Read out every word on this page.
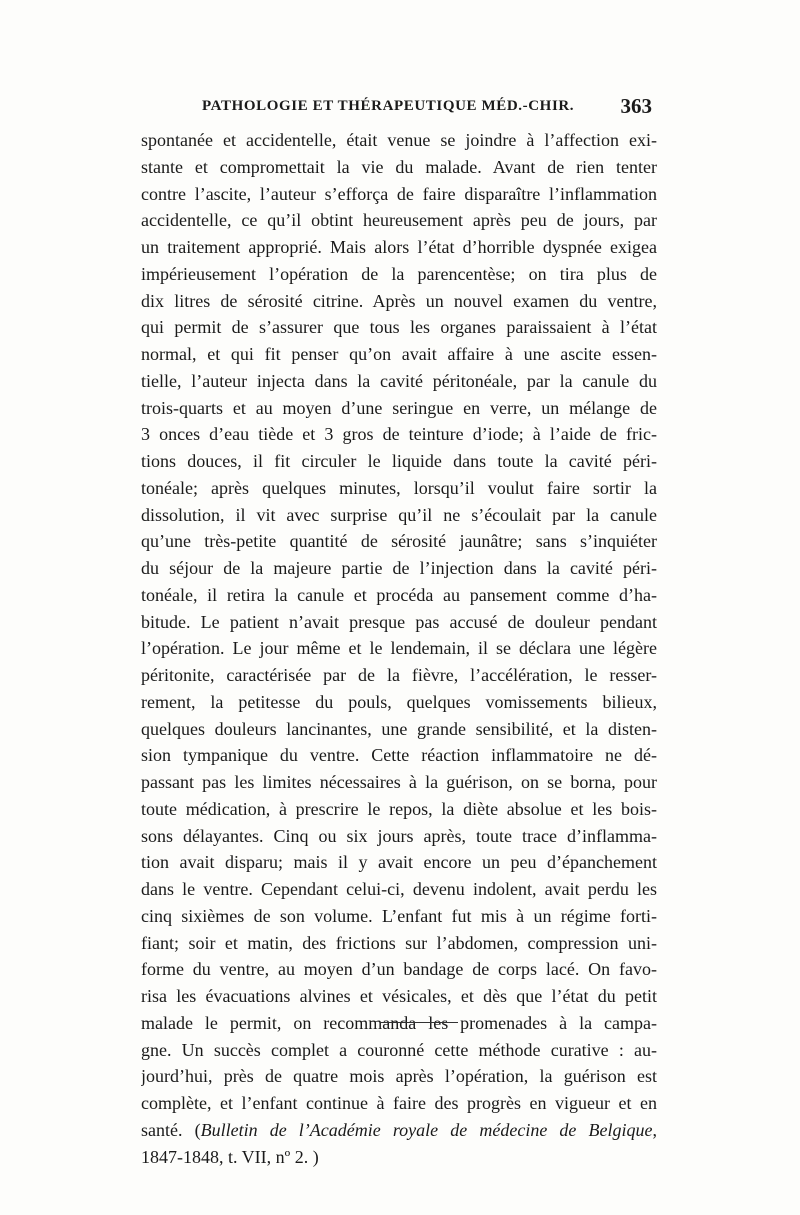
PATHOLOGIE ET THÉRAPEUTIQUE MÉD.-CHIR. 363
spontanée et accidentelle, était venue se joindre à l’affection exi-
stante et compromettait la vie du malade. Avant de rien tenter
contre l’ascite, l’auteur s’efforça de faire disparaître l’inflammation
accidentelle, ce qu’il obtint heureusement après peu de jours, par
un traitement approprié. Mais alors l’état d’horrible dyspnée exigea
impérieusement l’opération de la parencentèse; on tira plus de
dix litres de sérosité citrine. Après un nouvel examen du ventre,
qui permit de s’assurer que tous les organes paraissaient à l’état
normal, et qui fit penser qu’on avait affaire à une ascite essen-
tielle, l’auteur injecta dans la cavité péritonéale, par la canule du
trois-quarts et au moyen d’une seringue en verre, un mélange de
3 onces d’eau tiède et 3 gros de teinture d’iode; à l’aide de fric-
tions douces, il fit circuler le liquide dans toute la cavité péri-
tonéale; après quelques minutes, lorsqu’il voulut faire sortir la
dissolution, il vit avec surprise qu’il ne s’écoulait par la canule
qu’une très-petite quantité de sérosité jaunâtre; sans s’inquiéter
du séjour de la majeure partie de l’injection dans la cavité péri-
tonéale, il retira la canule et procéda au pansement comme d’ha-
bitude. Le patient n’avait presque pas accusé de douleur pendant
l’opération. Le jour même et le lendemain, il se déclara une légère
péritonite, caractérisée par de la fièvre, l’accélération, le resser-
rement, la petitesse du pouls, quelques vomissements bilieux,
quelques douleurs lancinantes, une grande sensibilité, et la disten-
sion tympanique du ventre. Cette réaction inflammatoire ne dé-
passant pas les limites nécessaires à la guérison, on se borna, pour
toute médication, à prescrire le repos, la diète absolue et les bois-
sons délayantes. Cinq ou six jours après, toute trace d’inflamma-
tion avait disparu; mais il y avait encore un peu d’épanchement
dans le ventre. Cependant celui-ci, devenu indolent, avait perdu les
cinq sixièmes de son volume. L’enfant fut mis à un régime forti-
fiant; soir et matin, des frictions sur l’abdomen, compression uni-
forme du ventre, au moyen d’un bandage de corps lacé. On favo-
risa les évacuations alvines et vésicales, et dès que l’état du petit
malade le permit, on recommanda les promenades à la campa-
gne. Un succès complet a couronné cette méthode curative : au-
jourd’hui, près de quatre mois après l’opération, la guérison est
complète, et l’enfant continue à faire des progrès en vigueur et en
santé. (Bulletin de l’Académie royale de médecine de Belgique,
1847-1848, t. VII, nº 2. )
